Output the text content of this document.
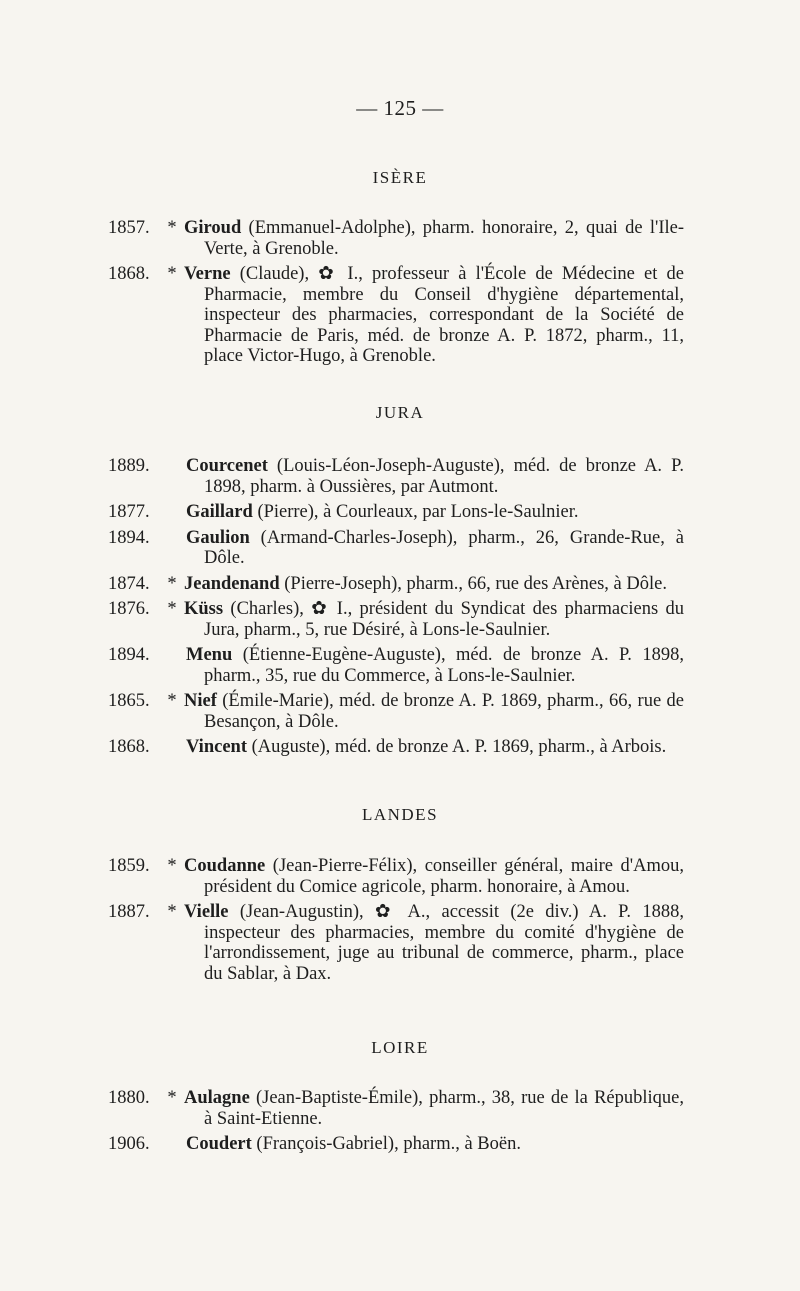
— 125 —
ISÈRE
1857. * Giroud (Emmanuel-Adolphe), pharm. honoraire, 2, quai de l'Ile-Verte, à Grenoble.
1868. * Verne (Claude), ✿ I., professeur à l'École de Médecine et de Pharmacie, membre du Conseil d'hygiène départemental, inspecteur des pharmacies, correspondant de la Société de Pharmacie de Paris, méd. de bronze A. P. 1872, pharm., 11, place Victor-Hugo, à Grenoble.
JURA
1889.	Courcenet (Louis-Léon-Joseph-Auguste), méd. de bronze A. P. 1898, pharm. à Oussières, par Autmont.
1877.	Gaillard (Pierre), à Courleaux, par Lons-le-Saulnier.
1894.	Gaulion (Armand-Charles-Joseph), pharm., 26, Grande-Rue, à Dôle.
1874. * Jeandenand (Pierre-Joseph), pharm., 66, rue des Arènes, à Dôle.
1876. * Küss (Charles), ✿ I., président du Syndicat des pharmaciens du Jura, pharm., 5, rue Désiré, à Lons-le-Saulnier.
1894.	Menu (Étienne-Eugène-Auguste), méd. de bronze A. P. 1898, pharm., 35, rue du Commerce, à Lons-le-Saulnier.
1865. * Nief (Émile-Marie), méd. de bronze A. P. 1869, pharm., 66, rue de Besançon, à Dôle.
1868.	Vincent (Auguste), méd. de bronze A. P. 1869, pharm., à Arbois.
LANDES
1859. * Coudanne (Jean-Pierre-Félix), conseiller général, maire d'Amou, président du Comice agricole, pharm. honoraire, à Amou.
1887. * Vielle (Jean-Augustin), ✿ A., accessit (2e div.) A. P. 1888, inspecteur des pharmacies, membre du comité d'hygiène de l'arrondissement, juge au tribunal de commerce, pharm., place du Sablar, à Dax.
LOIRE
1880. * Aulagne (Jean-Baptiste-Émile), pharm., 38, rue de la République, à Saint-Etienne.
1906.	Coudert (François-Gabriel), pharm., à Boën.
